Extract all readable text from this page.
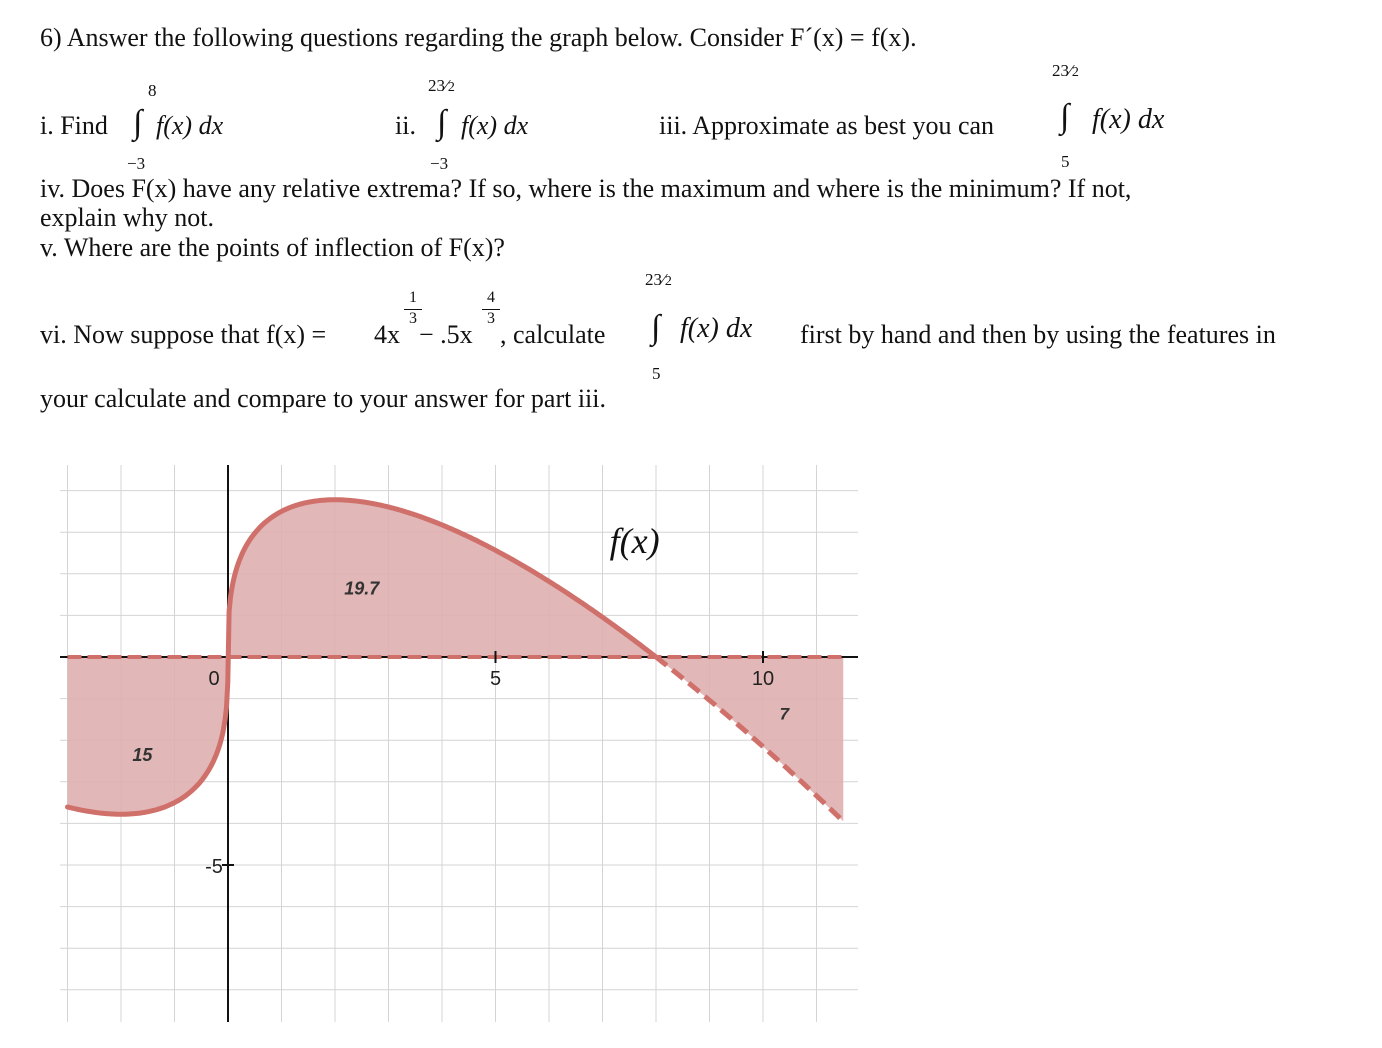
6) Answer the following questions regarding the graph below. Consider F´(x) = f(x).
i. Find
8
∫
−3
f(x) dx	ii.
23⁄2
∫
−3
f(x) dx	iii. Approximate as best you can
23⁄2
∫
5
f(x) dx
iv. Does F(x) have any relative extrema? If so, where is the maximum and where is the minimum? If not,
explain why not.
v. Where are the points of inflection of F(x)?
vi. Now suppose that f(x) = 4x
$\frac{1}{3}$
− .5x
$\frac{4}{3}$
, calculate
23⁄2
∫
5
f(x) dx first by hand and then by using the features in
your calculate and compare to your answer for part iii.
0	5	10
-5
19.7
15
7
f(x)
